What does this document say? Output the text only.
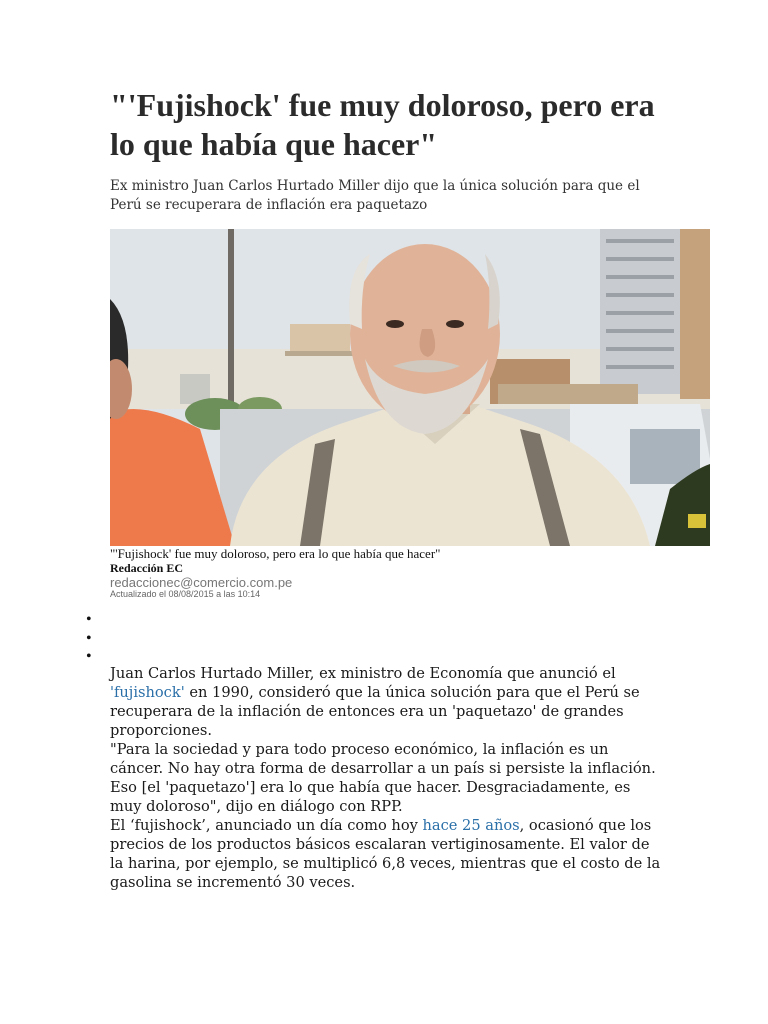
"'Fujishock' fue muy doloroso, pero era lo que había que hacer"

Ex ministro Juan Carlos Hurtado Miller dijo que la única solución para que el Perú se recuperara de inflación era paquetazo

"'Fujishock' fue muy doloroso, pero era lo que había que hacer"
Redacción EC
redaccionec@comercio.com.pe
Actualizado el 08/08/2015 a las 10:14
•
•
•

Juan Carlos Hurtado Miller, ex ministro de Economía que anunció el 'fujishock' en 1990, consideró que la única solución para que el Perú se recuperara de la inflación de entonces era un 'paquetazo' de grandes proporciones.

"Para la sociedad y para todo proceso económico, la inflación es un cáncer. No hay otra forma de desarrollar a un país si persiste la inflación. Eso [el 'paquetazo'] era lo que había que hacer. Desgraciadamente, es muy doloroso", dijo en diálogo con RPP.

El ‘fujishock’, anunciado un día como hoy hace 25 años, ocasionó que los precios de los productos básicos escalaran vertiginosamente. El valor de la harina, por ejemplo, se multiplicó 6,8 veces, mientras que el costo de la gasolina se incrementó 30 veces.
